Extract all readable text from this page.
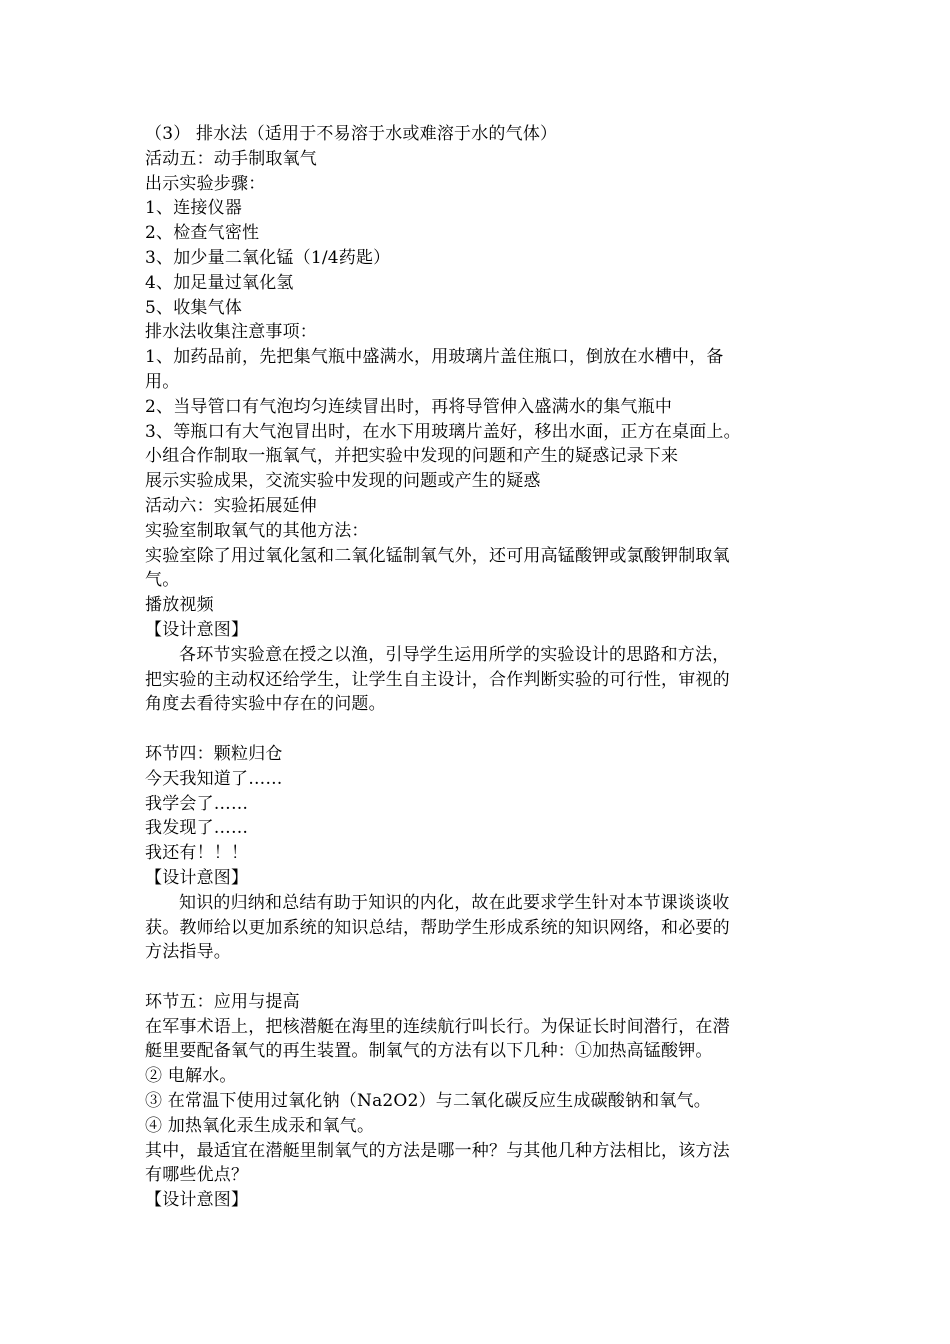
（3） 排水法（适用于不易溶于水或难溶于水的气体）
活动五：动手制取氧气
出示实验步骤：
1、连接仪器
2、检查气密性
3、加少量二氧化锰（1/4药匙）
4、加足量过氧化氢
5、收集气体
排水法收集注意事项：
1、加药品前，先把集气瓶中盛满水，用玻璃片盖住瓶口，倒放在水槽中，备
用。
2、当导管口有气泡均匀连续冒出时，再将导管伸入盛满水的集气瓶中
3、等瓶口有大气泡冒出时，在水下用玻璃片盖好，移出水面，正方在桌面上。
小组合作制取一瓶氧气，并把实验中发现的问题和产生的疑惑记录下来
展示实验成果，交流实验中发现的问题或产生的疑惑
活动六：实验拓展延伸
实验室制取氧气的其他方法：
实验室除了用过氧化氢和二氧化锰制氧气外，还可用高锰酸钾或氯酸钾制取氧
气。
播放视频
【设计意图】
各环节实验意在授之以渔，引导学生运用所学的实验设计的思路和方法，
把实验的主动权还给学生，让学生自主设计，合作判断实验的可行性，审视的
角度去看待实验中存在的问题。
环节四：颗粒归仓
今天我知道了……
我学会了……
我发现了……
我还有！！！
【设计意图】
知识的归纳和总结有助于知识的内化，故在此要求学生针对本节课谈谈收
获。教师给以更加系统的知识总结，帮助学生形成系统的知识网络，和必要的
方法指导。
环节五：应用与提高
在军事术语上，把核潜艇在海里的连续航行叫长行。为保证长时间潜行，在潜
艇里要配备氧气的再生装置。制氧气的方法有以下几种：①加热高锰酸钾。
② 电解水。
③ 在常温下使用过氧化钠（Na2O2）与二氧化碳反应生成碳酸钠和氧气。
④ 加热氧化汞生成汞和氧气。
其中，最适宜在潜艇里制氧气的方法是哪一种？与其他几种方法相比，该方法
有哪些优点？
【设计意图】
